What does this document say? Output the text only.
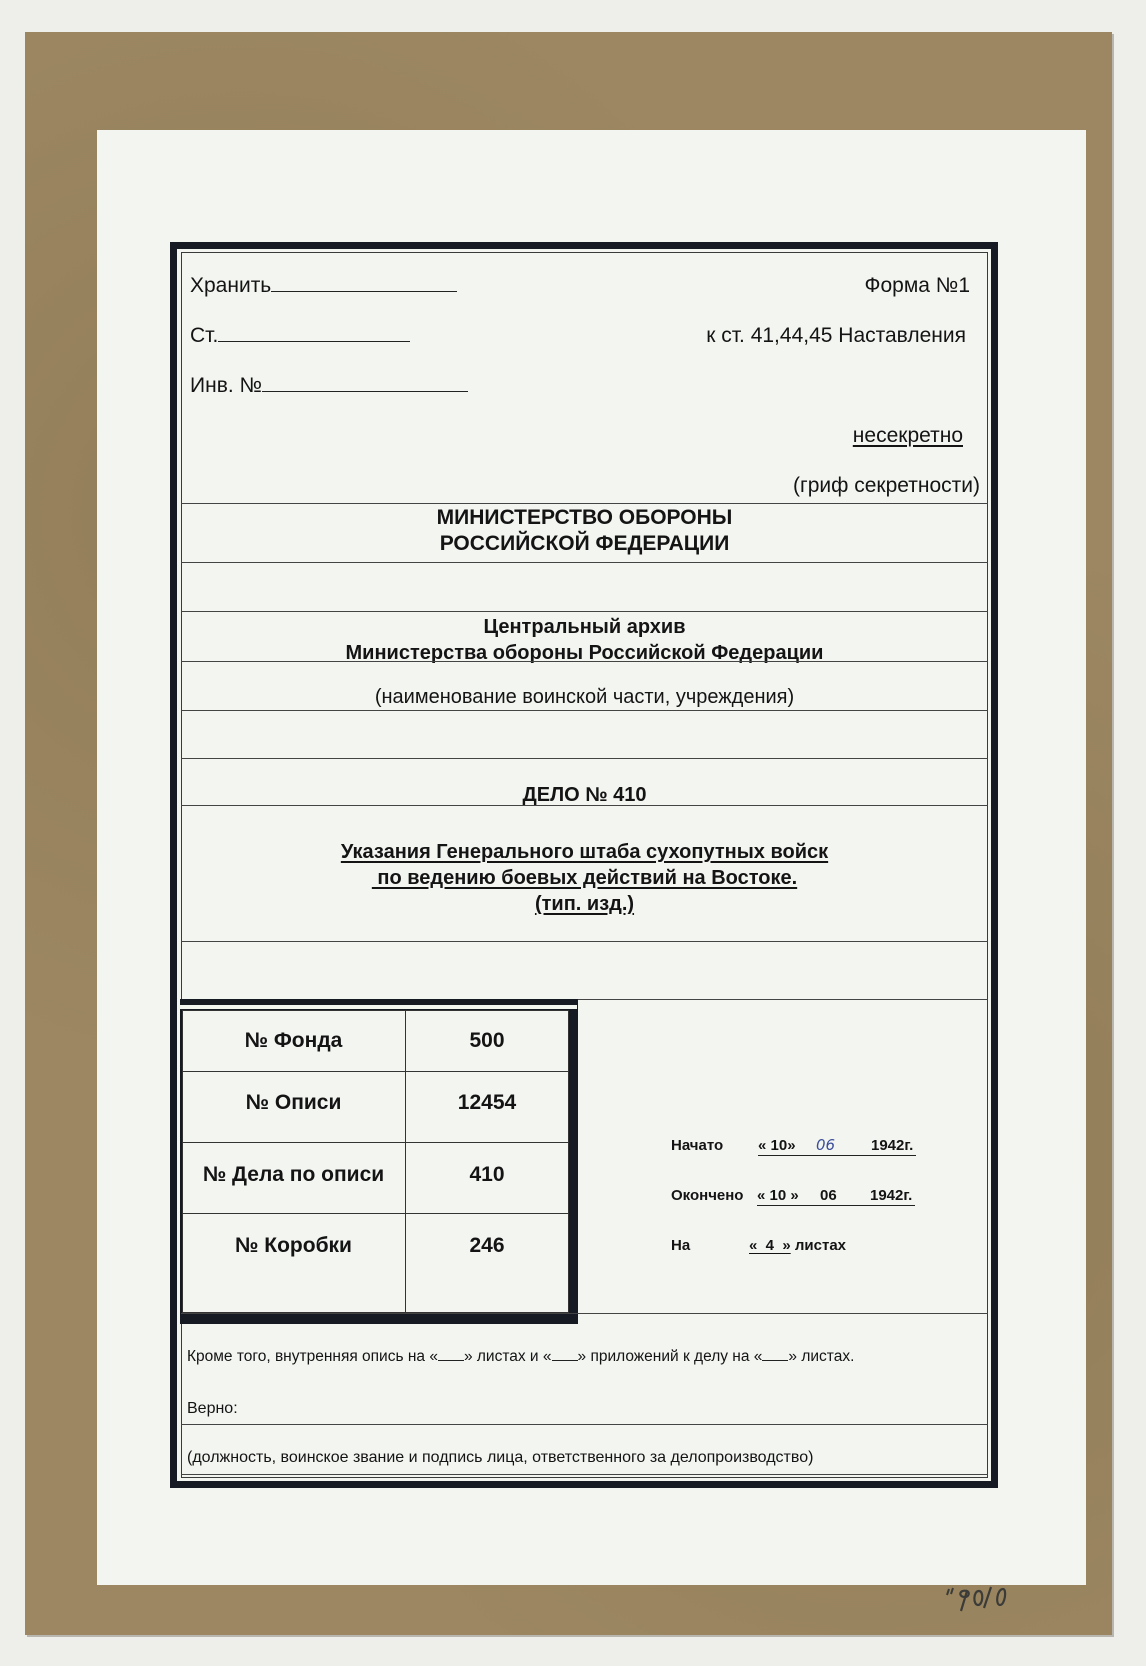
Хранить
Ст.
Инв. №
Форма №1
к ст. 41,44,45 Наставления
несекретно
(гриф секретности)
МИНИСТЕРСТВО ОБОРОНЫ
РОССИЙСКОЙ ФЕДЕРАЦИИ
Центральный архив
Министерства обороны Российской Федерации
(наименование воинской части, учреждения)
ДЕЛО № 410
Указания Генерального штаба сухопутных войск
по ведению боевых действий на Востоке.
(тип. изд.)
№ Фонда	500
№ Описи	12454
№ Дела по описи	410
№ Коробки	246
Начато « 10» 06 1942г.
Окончено « 10 » 06 1942г.
На	«  4  » листах
Кроме того, внутренняя опись на « » листах и « » приложений к делу на « » листах.
Верно:
(должность, воинское звание и подпись лица, ответственного за делопроизводство)
